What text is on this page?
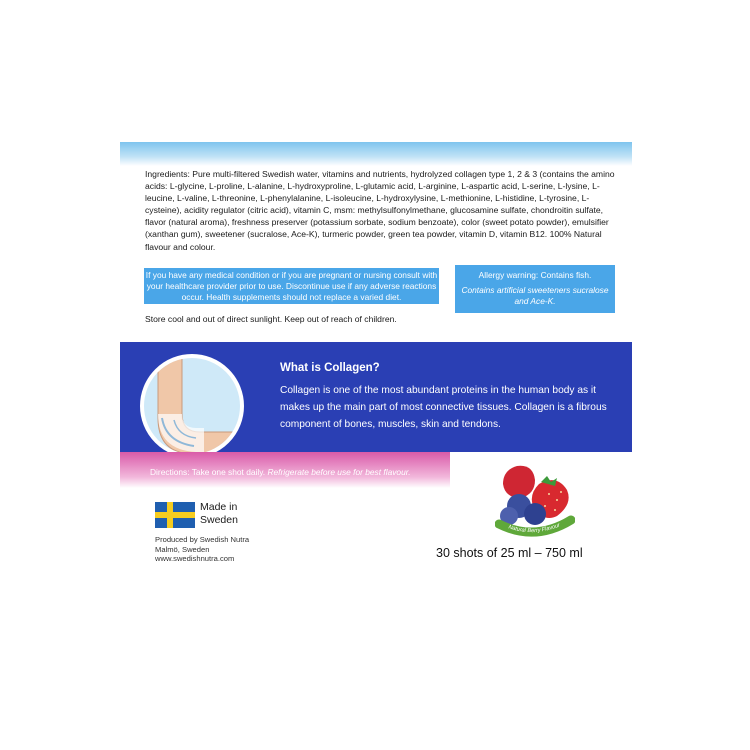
Ingredients: Pure multi-filtered Swedish water, vitamins and nutrients, hydrolyzed collagen type 1, 2 & 3 (contains the amino acids: L-glycine, L-proline, L-alanine, L-hydroxyproline, L-glutamic acid, L-arginine, L-aspartic acid, L-serine, L-lysine, L-leucine, L-valine, L-threonine, L-phenylalanine, L-isoleucine, L-hydroxylysine, L-methionine, L-histidine, L-tyrosine, L-cysteine), acidity regulator (citric acid), vitamin C, msm: methylsulfonylmethane, glucosamine sulfate, chondroitin sulfate, flavor (natural aroma), freshness preserver (potassium sorbate, sodium benzoate), color (sweet potato powder), emulsifier (xanthan gum), sweetener (sucralose, Ace-K), turmeric powder, green tea powder, vitamin D, vitamin B12. 100% Natural flavour and colour.
If you have any medical condition or if you are pregnant or nursing consult with your healthcare provider prior to use. Discontinue use if any adverse reactions occur. Health supplements should not replace a varied diet.
Allergy warning: Contains fish.
Contains artificial sweeteners sucralose and Ace-K.
Store cool and out of direct sunlight. Keep out of reach of children.
What is Collagen?
Collagen is one of the most abundant proteins in the human body as it makes up the main part of most connective tissues. Collagen is a fibrous component of bones, muscles, skin and tendons.
Directions: Take one shot daily. Refrigerate before use for best flavour.
Made in
Sweden
Produced by Swedish Nutra
Malmö, Sweden
www.swedishnutra.com
Natural Berry Flavour
30 shots of 25 ml – 750 ml
